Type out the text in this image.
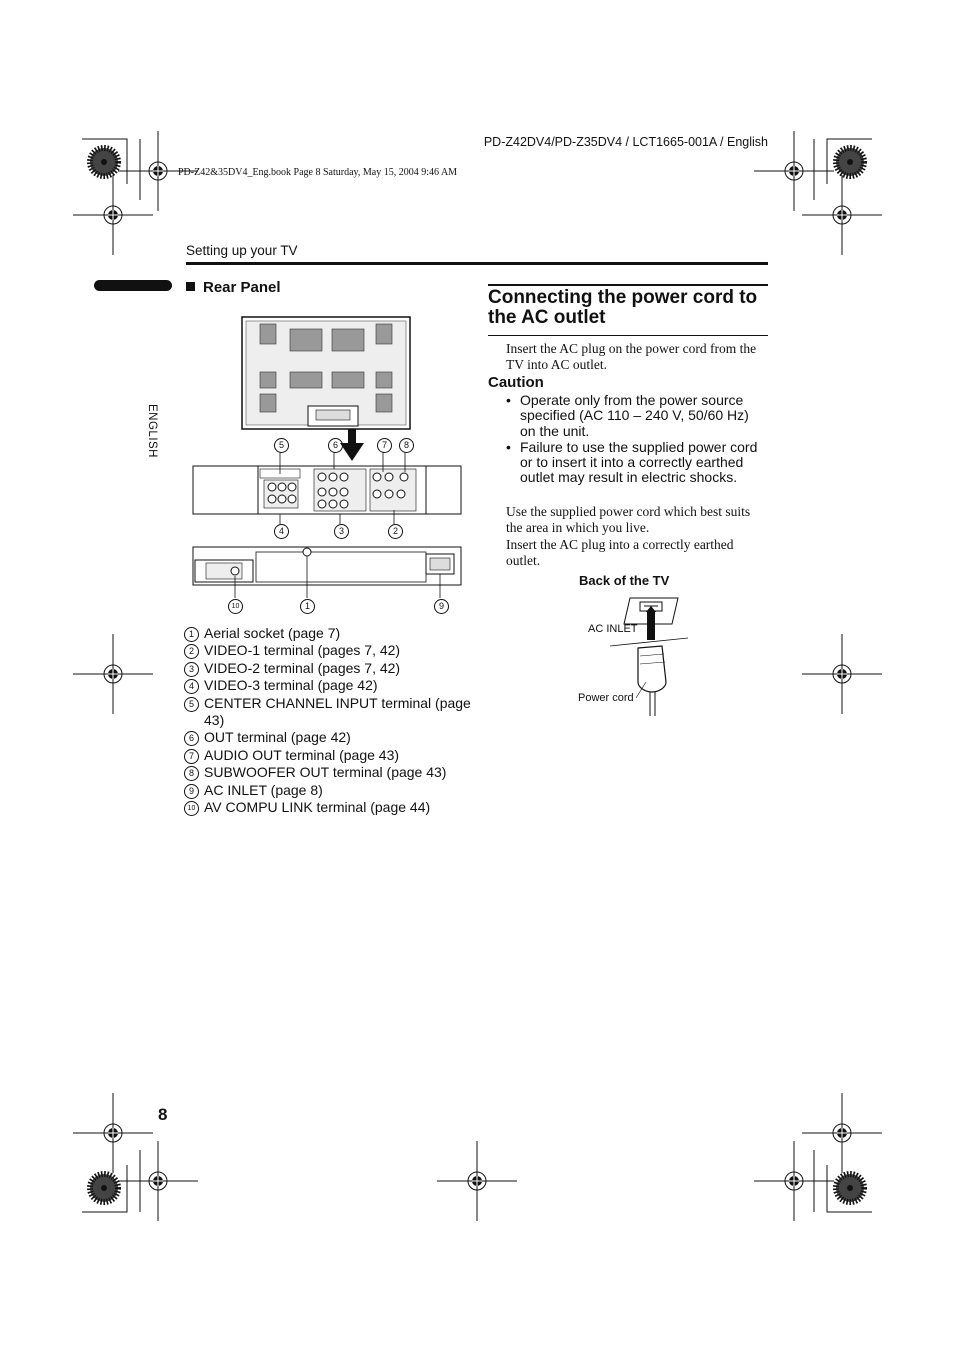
PD-Z42DV4/PD-Z35DV4 / LCT1665-001A / English
PD-Z42&35DV4_Eng.book Page 8 Saturday, May 15, 2004 9:46 AM
Setting up your TV
ENGLISH
Rear Panel
5	6	7	8
4	3	2
10	1	9
1 Aerial socket (page 7)
2 VIDEO-1 terminal (pages 7, 42)
3 VIDEO-2 terminal (pages 7, 42)
4 VIDEO-3 terminal (page 42)
5 CENTER CHANNEL INPUT terminal (page 43)
6 OUT terminal (page 42)
7 AUDIO OUT terminal (page 43)
8 SUBWOOFER OUT terminal (page 43)
9 AC INLET (page 8)
10 AV COMPU LINK terminal (page 44)
Connecting the power cord to the AC outlet
Insert the AC plug on the power cord from the TV into AC outlet.
Caution
• Operate only from the power source specified (AC 110 – 240 V, 50/60 Hz) on the unit.
• Failure to use the supplied power cord or to insert it into a correctly earthed outlet may result in electric shocks.
Use the supplied power cord which best suits the area in which you live.
Insert the AC plug into a correctly earthed outlet.
Back of the TV
AC INLET
Power cord
8
